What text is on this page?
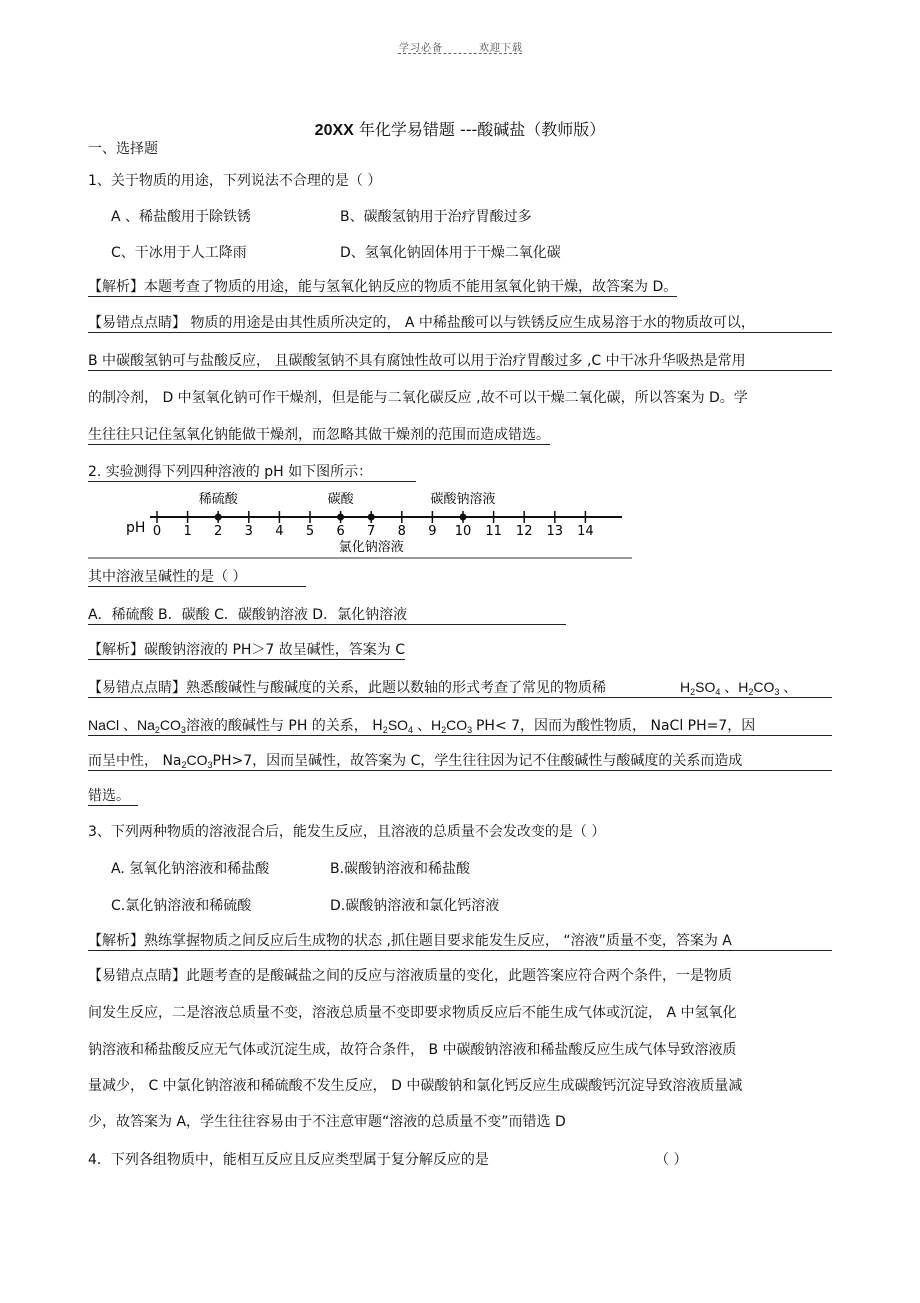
学习必备	欢迎下载
20XX 年化学易错题 ---酸碱盐（教师版）
一、选择题
1、关于物质的用途，下列说法不合理的是（ ）
A 、稀盐酸用于除铁锈	B、碳酸氢钠用于治疗胃酸过多
C、干冰用于人工降雨	D、氢氧化钠固体用于干燥二氧化碳
【解析】本题考查了物质的用途，能与氢氧化钠反应的物质不能用氢氧化钠干燥，故答案为 D。
【易错点点睛】 物质的用途是由其性质所决定的， A 中稀盐酸可以与铁锈反应生成易溶于水的物质故可以，
B 中碳酸氢钠可与盐酸反应， 且碳酸氢钠不具有腐蚀性故可以用于治疗胃酸过多 ,C 中干冰升华吸热是常用
的制冷剂， D 中氢氧化钠可作干燥剂，但是能与二氧化碳反应 ,故不可以干燥二氧化碳，所以答案为 D。学
生往往只记住氢氧化钠能做干燥剂，而忽略其做干燥剂的范围而造成错选。
2. 实验测得下列四种溶液的 pH 如下图所示：
pH 0 1 2 3 4 5 6 7 8 9 10 11 12 13 14
稀硫酸	碳酸	碳酸钠溶液
氯化钠溶液
其中溶液呈碱性的是（ ）
A．稀硫酸 B．碳酸 C．碳酸钠溶液 D．氯化钠溶液
【解析】碳酸钠溶液的 PH＞7 故呈碱性，答案为 C
【易错点点睛】熟悉酸碱性与酸碱度的关系，此题以数轴的形式考查了常见的物质稀	$H_2SO_4$ 、$H_2CO_3$ 、
NaCl 、$Na_2CO_3$溶液的酸碱性与 PH 的关系， $H_2SO_4$ 、$H_2CO_3$ PH< 7，因而为酸性物质， NaCl PH=7，因
而呈中性， $Na_2CO_3PH>7$，因而呈碱性，故答案为 C，学生往往因为记不住酸碱性与酸碱度的关系而造成
错选。
3、下列两种物质的溶液混合后，能发生反应，且溶液的总质量不会发改变的是（ ）
A. 氢氧化钠溶液和稀盐酸	B.碳酸钠溶液和稀盐酸
C.氯化钠溶液和稀硫酸	D.碳酸钠溶液和氯化钙溶液
【解析】熟练掌握物质之间反应后生成物的状态 ,抓住题目要求能发生反应， “溶液”质量不变，答案为 A
【易错点点睛】此题考查的是酸碱盐之间的反应与溶液质量的变化，此题答案应符合两个条件，一是物质
间发生反应，二是溶液总质量不变，溶液总质量不变即要求物质反应后不能生成气体或沉淀， A 中氢氧化
钠溶液和稀盐酸反应无气体或沉淀生成，故符合条件， B 中碳酸钠溶液和稀盐酸反应生成气体导致溶液质
量减少， C 中氯化钠溶液和稀硫酸不发生反应， D 中碳酸钠和氯化钙反应生成碳酸钙沉淀导致溶液质量减
少，故答案为 A，学生往往容易由于不注意审题“溶液的总质量不变”而错选 D
4．下列各组物质中，能相互反应且反应类型属于复分解反应的是	（ ）
